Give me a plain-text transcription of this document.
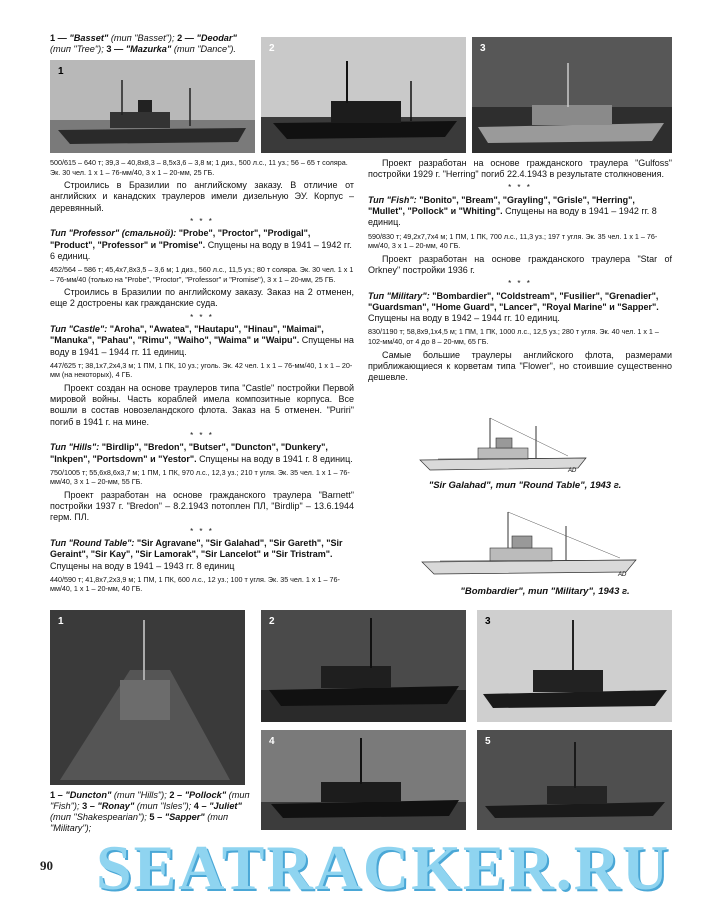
1 — "Basset" (тип "Basset"); 2 — "Deodar" (тип "Tree"); 3 — "Mazurka" (тип "Dance").
1
2	3

500/615 – 640 т; 39,3 – 40,8х8,3 – 8,5х3,6 – 3,8 м; 1 диз., 500 л.с., 11 уз.; 56 – 65 т соляра. Эк. 30 чел. 1 х 1 – 76-мм/40, 3 х 1 – 20-мм, 25 ГБ.

Строились в Бразилии по английскому заказу. В отличие от английских и канадских траулеров имели дизельную ЭУ. Корпус – деревянный.

* * *

Тип "Professor" (стальной): "Probe", "Proctor", "Prodigal", "Product", "Professor" и "Promise". Спущены на воду в 1941 – 1942 гг. 6 единиц.

452/564 – 586 т; 45,4х7,8х3,5 – 3,6 м; 1 диз., 560 л.с., 11,5 уз.; 80 т соляра. Эк. 30 чел. 1 х 1 – 76-мм/40 (только на "Probe", "Proctor", "Professor" и "Promise"), 3 х 1 – 20-мм, 25 ГБ.

Строились в Бразилии по английскому заказу. Заказ на 2 отменен, еще 2 достроены как гражданские суда.

* * *

Тип "Castle": "Aroha", "Awatea", "Hautapu", "Hinau", "Maimai", "Manuka", "Pahau", "Rimu", "Waiho", "Waima" и "Waipu". Спущены на воду в 1941 – 1944 гг. 11 единиц.

447/625 т; 38,1х7,2х4,3 м; 1 ПМ, 1 ПК, 10 уз.; уголь. Эк. 42 чел. 1 х 1 – 76-мм/40, 1 х 1 – 20-мм (на некоторых), 4 ГБ.

Проект создан на основе траулеров типа "Castle" постройки Первой мировой войны. Часть кораблей имела композитные корпуса. Все вошли в состав новозеландского флота. Заказ на 5 отменен. "Puriri" погиб в 1941 г. на мине.

* * *

Тип "Hills": "Birdlip", "Bredon", "Butser", "Duncton", "Dunkery", "Inkpen", "Portsdown" и "Yestor". Спущены на воду в 1941 г. 8 единиц.

750/1005 т; 55,6х8,6х3,7 м; 1 ПМ, 1 ПК, 970 л.с., 12,3 уз.; 210 т угля. Эк. 35 чел. 1 х 1 – 76-мм/40, 3 х 1 – 20-мм, 55 ГБ.

Проект разработан на основе гражданского траулера "Barnett" постройки 1937 г. "Bredon" – 8.2.1943 потоплен ПЛ, "Birdlip" – 13.6.1944 герм. ПЛ.

* * *

Тип "Round Table": "Sir Agravane", "Sir Galahad", "Sir Gareth", "Sir Geraint", "Sir Kay", "Sir Lamorak", "Sir Lancelot" и "Sir Tristram". Спущены на воду в 1941 – 1943 гг. 8 единиц

440/590 т; 41,8х7,2х3,9 м; 1 ПМ, 1 ПК, 600 л.с., 12 уз.; 100 т угля. Эк. 35 чел. 1 х 1 – 76-мм/40, 1 х 1 – 20-мм, 40 ГБ.

Проект разработан на основе гражданского траулера "Gulfoss" постройки 1929 г. "Herring" погиб 22.4.1943 в результате столкновения.

* * *

Тип "Fish": "Bonito", "Bream", "Grayling", "Grisle", "Herring", "Mullet", "Pollock" и "Whiting". Спущены на воду в 1941 – 1942 гг. 8 единиц.

590/830 т; 49,2х7,7х4 м; 1 ПМ, 1 ПК, 700 л.с., 11,3 уз.; 197 т угля. Эк. 35 чел. 1 х 1 – 76-мм/40, 3 х 1 – 20-мм, 40 ГБ.

Проект разработан на основе гражданского траулера "Star of Orkney" постройки 1936 г.

* * *

Тип "Military": "Bombardier", "Coldstream", "Fusilier", "Grenadier", "Guardsman", "Home Guard", "Lancer", "Royal Marine" и "Sapper". Спущены на воду в 1942 – 1944 гг. 10 единиц.

830/1190 т; 58,8х9,1х4,5 м; 1 ПМ, 1 ПК, 1000 л.с., 12,5 уз.; 280 т угля. Эк. 40 чел. 1 х 1 – 102-мм/40, от 4 до 8 – 20-мм, 65 ГБ.

Самые большие траулеры английского флота, размерами приближающиеся к корветам типа "Flower", но стоившие существенно дешевле.

AD
"Sir Galahad", тип "Round Table", 1943 г.
AD
"Bombardier", тип "Military", 1943 г.
1	2	3
4	5
1 – "Duncton" (тип "Hills"); 2 – "Pollock" (тип "Fish"); 3 – "Ronay" (тип "Isles"); 4 – "Juliet" (тип "Shakespearian"); 5 – "Sapper" (тип "Military");
SEATRACKER.RU
90
